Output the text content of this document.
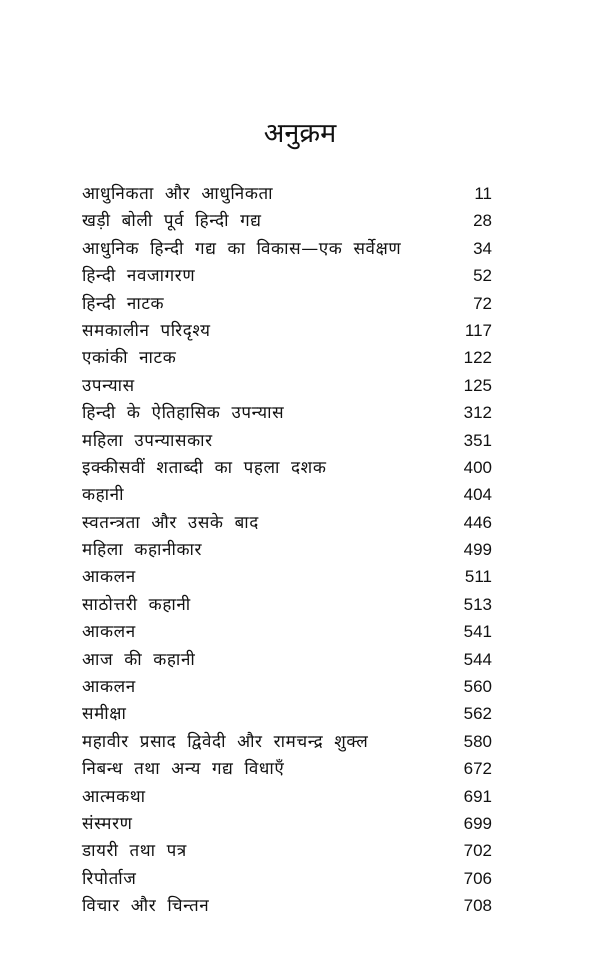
अनुक्रम
आधुनिकता और आधुनिकता	11
खड़ी बोली पूर्व हिन्दी गद्य	28
आधुनिक हिन्दी गद्य का विकास—एक सर्वेक्षण	34
हिन्दी नवजागरण	52
हिन्दी नाटक	72
समकालीन परिदृश्य	117
एकांकी नाटक	122
उपन्यास	125
हिन्दी के ऐतिहासिक उपन्यास	312
महिला उपन्यासकार	351
इक्कीसवीं शताब्दी का पहला दशक	400
कहानी	404
स्वतन्त्रता और उसके बाद	446
महिला कहानीकार	499
आकलन	511
साठोत्तरी कहानी	513
आकलन	541
आज की कहानी	544
आकलन	560
समीक्षा	562
महावीर प्रसाद द्विवेदी और रामचन्द्र शुक्ल	580
निबन्ध तथा अन्य गद्य विधाएँ	672
आत्मकथा	691
संस्मरण	699
डायरी तथा पत्र	702
रिपोर्ताज	706
विचार और चिन्तन	708
